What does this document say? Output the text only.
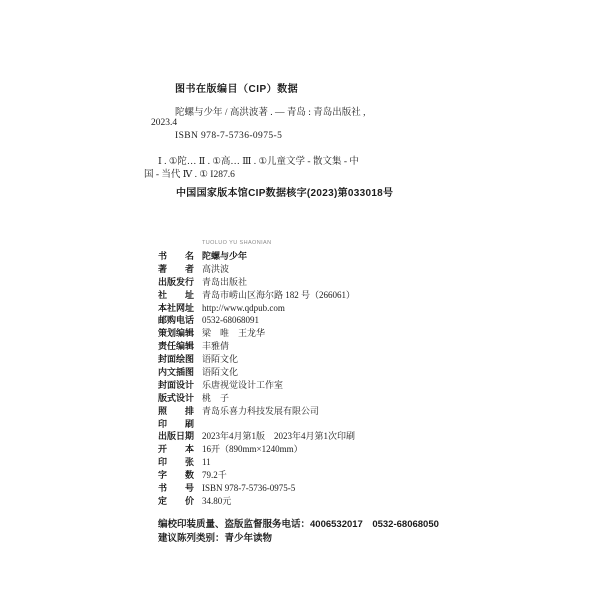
图书在版编目（CIP）数据
陀螺与少年 / 高洪波著 . — 青岛 : 青岛出版社 ,
2023.4
ISBN 978-7-5736-0975-5
Ⅰ . ①陀… Ⅱ . ①高… Ⅲ . ①儿童文学 - 散文集 - 中
国 - 当代 Ⅳ . ① I287.6
中国国家版本馆CIP数据核字(2023)第033018号
TUOLUO YU SHAONIAN
书　　名 陀螺与少年
著　　者 高洪波
出版发行 青岛出版社
社　　址 青岛市崂山区海尔路 182 号（266061）
本社网址 http://www.qdpub.com
邮购电话 0532-68068091
策划编辑 梁　唯　王龙华
责任编辑 丰雅倩
封面绘图 语陌文化
内文插图 语陌文化
封面设计 乐唐视觉设计工作室
版式设计 桃　子
照　　排 青岛乐喜力科技发展有限公司
印　　刷
出版日期 2023年4月第1版　2023年4月第1次印刷
开　　本 16开（890mm×1240mm）
印　　张 11
字　　数 79.2千
书　　号 ISBN 978-7-5736-0975-5
定　　价 34.80元
编校印装质量、盗版监督服务电话：4006532017　0532-68068050
建议陈列类别：青少年读物
